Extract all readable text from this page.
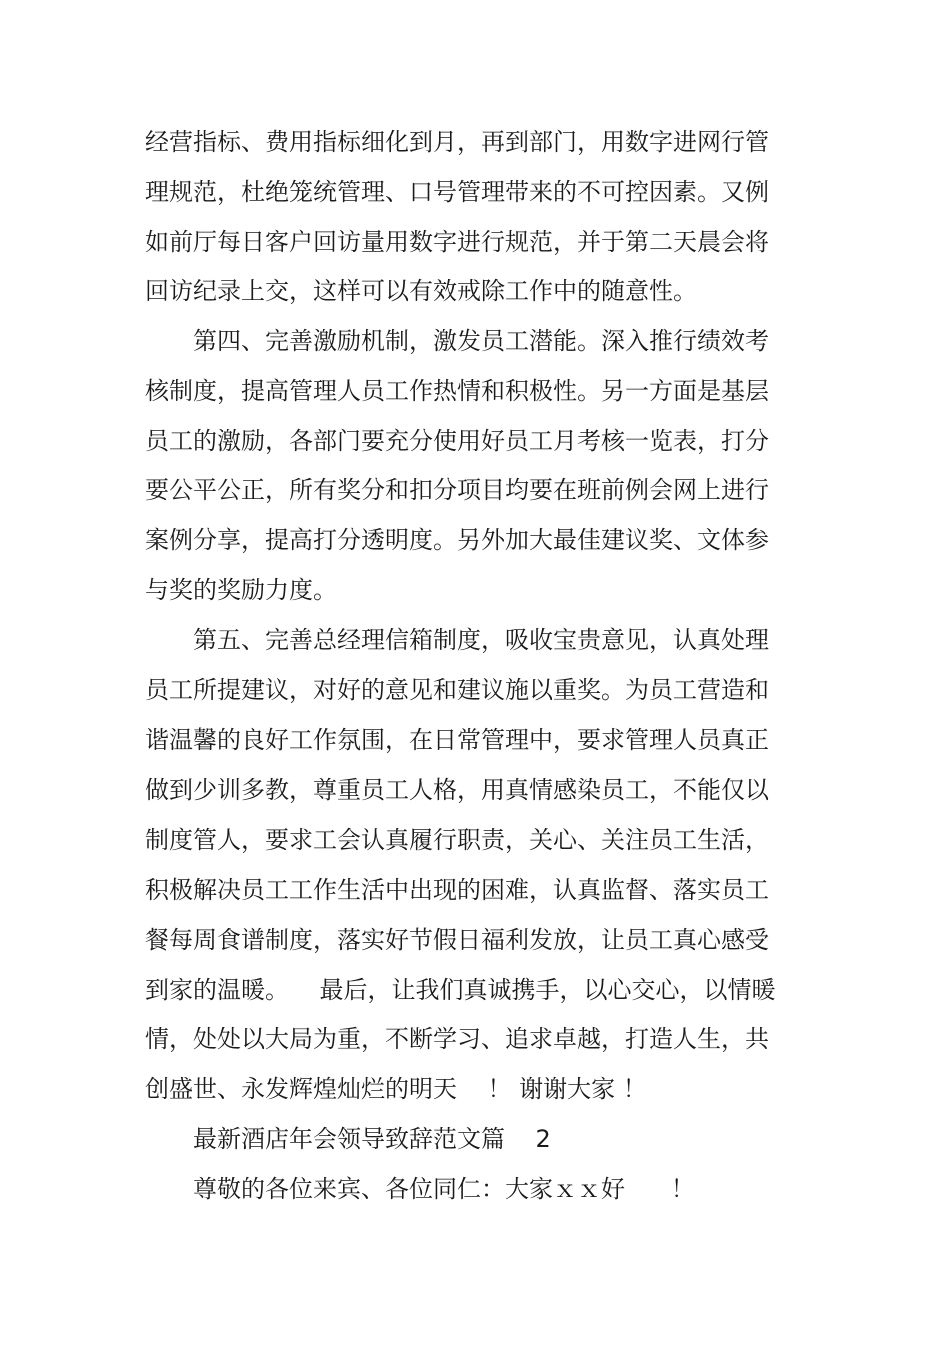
经营指标、费用指标细化到月，再到部门，用数字进网行管
理规范，杜绝笼统管理、口号管理带来的不可控因素。又例
如前厅每日客户回访量用数字进行规范，并于第二天晨会将
回访纪录上交，这样可以有效戒除工作中的随意性。
第四、完善激励机制，激发员工潜能。深入推行绩效考
核制度，提高管理人员工作热情和积极性。另一方面是基层
员工的激励，各部门要充分使用好员工月考核一览表，打分
要公平公正，所有奖分和扣分项目均要在班前例会网上进行
案例分享，提高打分透明度。另外加大最佳建议奖、文体参
与奖的奖励力度。
第五、完善总经理信箱制度，吸收宝贵意见，认真处理
员工所提建议，对好的意见和建议施以重奖。为员工营造和
谐温馨的良好工作氛围，在日常管理中，要求管理人员真正
做到少训多教，尊重员工人格，用真情感染员工，不能仅以
制度管人，要求工会认真履行职责，关心、关注员工生活，
积极解决员工工作生活中出现的困难，认真监督、落实员工
餐每周食谱制度，落实好节假日福利发放，让员工真心感受
到家的温暖。    最后，让我们真诚携手，以心交心，以情暖
情，处处以大局为重，不断学习、追求卓越，打造人生，共
创盛世、永发辉煌灿烂的明天    ！ 谢谢大家 ！
最新酒店年会领导致辞范文篇    2
尊敬的各位来宾、各位同仁：大家ｘｘ好      ！
